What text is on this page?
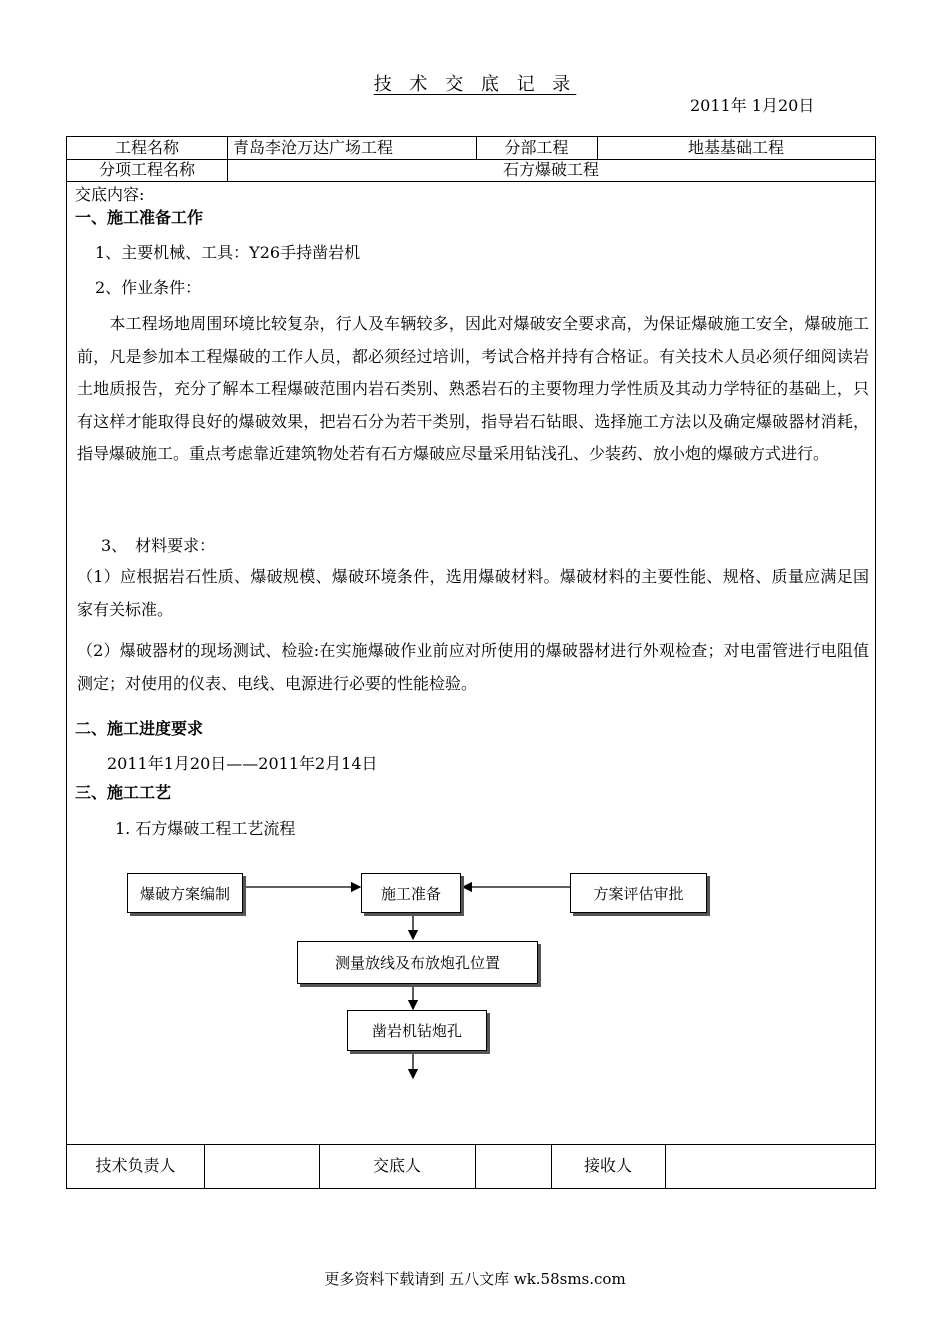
技 术 交 底 记 录
2011年 1月20日
工程名称	青岛李沧万达广场工程	分部工程	地基基础工程
分项工程名称	石方爆破工程
交底内容:
一、施工准备工作
1、主要机械、工具：Y26手持凿岩机
2、作业条件：
　　本工程场地周围环境比较复杂，行人及车辆较多，因此对爆破安全要求高，为保证爆破施工安全，爆破施工前，凡是参加本工程爆破的工作人员，都必须经过培训，考试合格并持有合格证。有关技术人员必须仔细阅读岩土地质报告，充分了解本工程爆破范围内岩石类别、熟悉岩石的主要物理力学性质及其动力学特征的基础上，只有这样才能取得良好的爆破效果，把岩石分为若干类别，指导岩石钻眼、选择施工方法以及确定爆破器材消耗，指导爆破施工。重点考虑靠近建筑物处若有石方爆破应尽量采用钻浅孔、少装药、放小炮的爆破方式进行。
3、　材料要求：
（1）应根据岩石性质、爆破规模、爆破环境条件，选用爆破材料。爆破材料的主要性能、规格、质量应满足国家有关标准。
（2）爆破器材的现场测试、检验:在实施爆破作业前应对所使用的爆破器材进行外观检查；对电雷管进行电阻值测定；对使用的仪表、电线、电源进行必要的性能检验。
二、施工进度要求
2011年1月20日——2011年2月14日
三、施工工艺
1. 石方爆破工程工艺流程
爆破方案编制	施工准备	方案评估审批
测量放线及布放炮孔位置
凿岩机钻炮孔
技术负责人	交底人	接收人
更多资料下载请到 五八文库 wk.58sms.com
